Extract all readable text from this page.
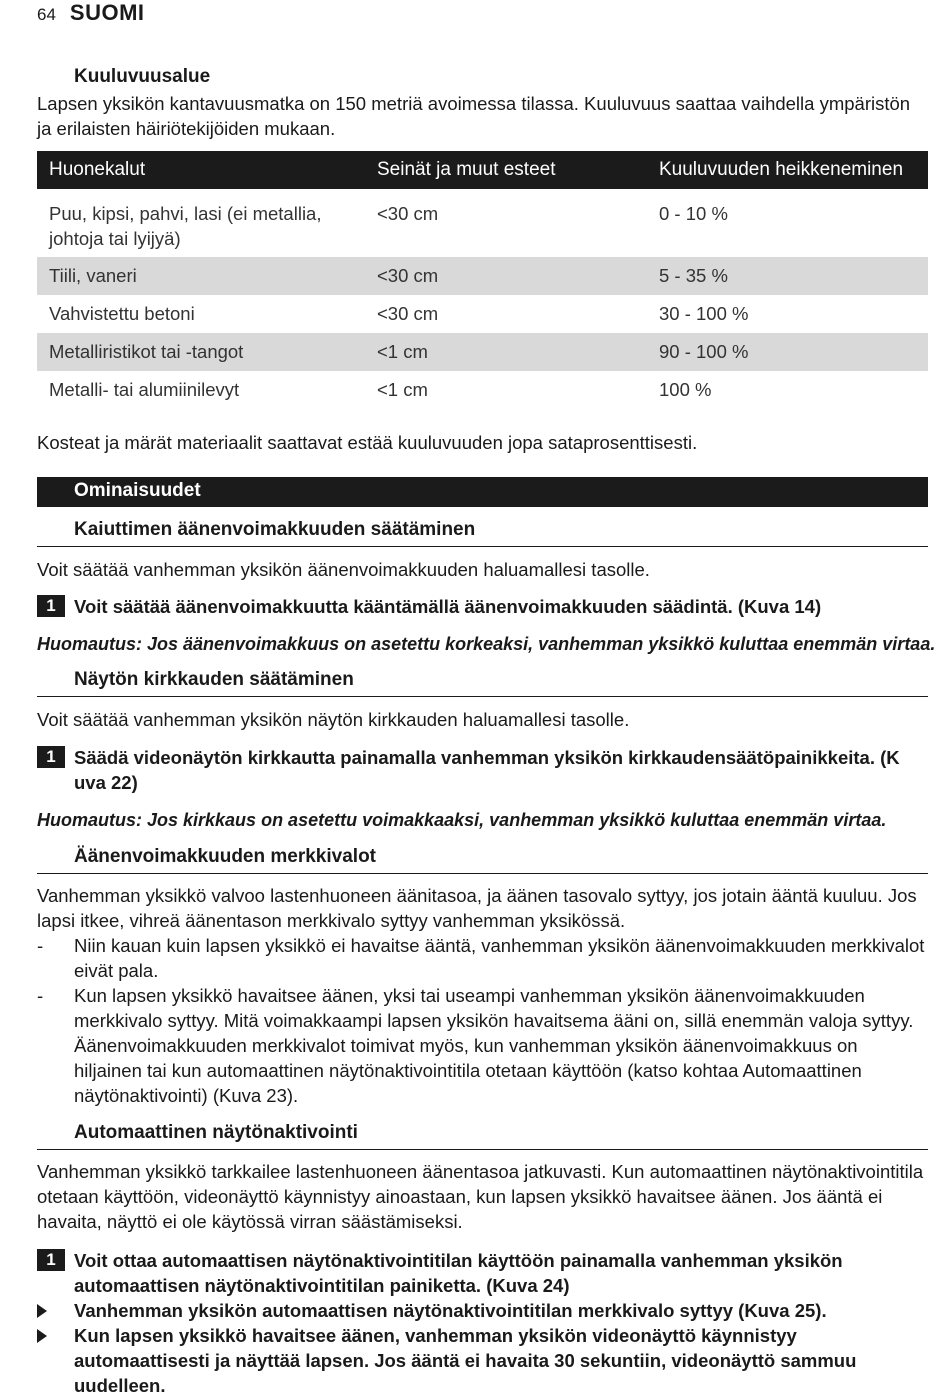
64 SUOMI
Kuuluvuusalue
Lapsen yksikön kantavuusmatka on 150 metriä avoimessa tilassa. Kuuluvuus saattaa vaihdella ympäristön ja erilaisten häiriötekijöiden mukaan.
Huonekalut	Seinät ja muut esteet	Kuuluvuuden heikkeneminen
Puu, kipsi, pahvi, lasi (ei metallia, johtoja tai lyijyä)	<30 cm	0 - 10 %
Tiili, vaneri	<30 cm	5 - 35 %
Vahvistettu betoni	<30 cm	30 - 100 %
Metalliristikot tai -tangot	<1 cm	90 - 100 %
Metalli- tai alumiinilevyt	<1 cm	100 %
Kosteat ja märät materiaalit saattavat estää kuuluvuuden jopa sataprosenttisesti.
Ominaisuudet
Kaiuttimen äänenvoimakkuuden säätäminen
Voit säätää vanhemman yksikön äänenvoimakkuuden haluamallesi tasolle.
1 Voit säätää äänenvoimakkuutta kääntämällä äänenvoimakkuuden säädintä. (Kuva 14)
Huomautus: Jos äänenvoimakkuus on asetettu korkeaksi, vanhemman yksikkö kuluttaa enemmän virtaa.
Näytön kirkkauden säätäminen
Voit säätää vanhemman yksikön näytön kirkkauden haluamallesi tasolle.
1 Säädä videonäytön kirkkautta painamalla vanhemman yksikön kirkkaudensäätöpainikkeita. (K uva 22)
Huomautus: Jos kirkkaus on asetettu voimakkaaksi, vanhemman yksikkö kuluttaa enemmän virtaa.
Äänenvoimakkuuden merkkivalot
Vanhemman yksikkö valvoo lastenhuoneen äänitasoa, ja äänen tasovalo syttyy, jos jotain ääntä kuuluu. Jos lapsi itkee, vihreä äänentason merkkivalo syttyy vanhemman yksikössä.
- Niin kauan kuin lapsen yksikkö ei havaitse ääntä, vanhemman yksikön äänenvoimakkuuden merkkivalot eivät pala.
- Kun lapsen yksikkö havaitsee äänen, yksi tai useampi vanhemman yksikön äänenvoimakkuuden merkkivalo syttyy. Mitä voimakkaampi lapsen yksikön havaitsema ääni on, sillä enemmän valoja syttyy. Äänenvoimakkuuden merkkivalot toimivat myös, kun vanhemman yksikön äänenvoimakkuus on hiljainen tai kun automaattinen näytönaktivointitila otetaan käyttöön (katso kohtaa Automaattinen näytönaktivointi) (Kuva 23).
Automaattinen näytönaktivointi
Vanhemman yksikkö tarkkailee lastenhuoneen äänentasoa jatkuvasti. Kun automaattinen näytönaktivointitila otetaan käyttöön, videonäyttö käynnistyy ainoastaan, kun lapsen yksikkö havaitsee äänen. Jos ääntä ei havaita, näyttö ei ole käytössä virran säästämiseksi.
1 Voit ottaa automaattisen näytönaktivointitilan käyttöön painamalla vanhemman yksikön automaattisen näytönaktivointitilan painiketta. (Kuva 24)
Vanhemman yksikön automaattisen näytönaktivointitilan merkkivalo syttyy (Kuva 25).
Kun lapsen yksikkö havaitsee äänen, vanhemman yksikön videonäyttö käynnistyy automaattisesti ja näyttää lapsen. Jos ääntä ei havaita 30 sekuntiin, videonäyttö sammuu uudelleen.
